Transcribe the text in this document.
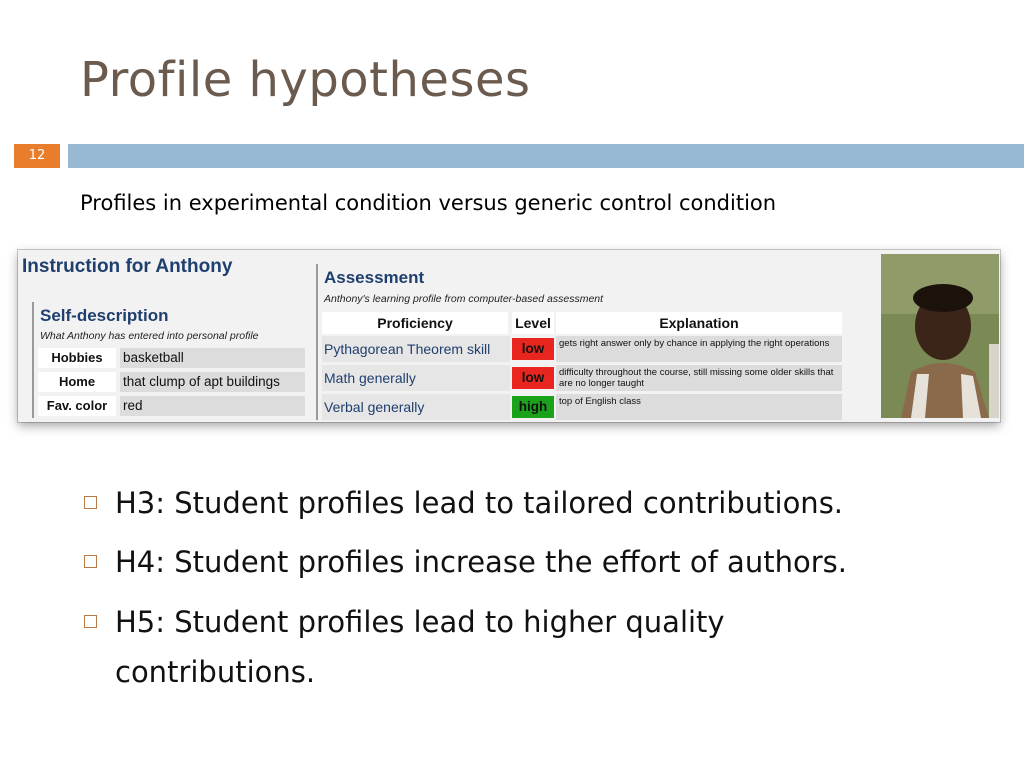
Profile hypotheses
12
Profiles in experimental condition versus generic control condition
Instruction for Anthony
Self-description
What Anthony has entered into personal profile
Hobbies	basketball
Home	that clump of apt buildings
Fav. color	red
Assessment
Anthony's learning profile from computer-based assessment
Proficiency	Level	Explanation
Pythagorean Theorem skill	low	gets right answer only by chance in applying the right operations
Math generally	low	difficulty throughout the course, still missing some older skills that are no longer taught
Verbal generally	high	top of English class
H3: Student profiles lead to tailored contributions.
H4: Student profiles increase the effort of authors.
H5: Student profiles lead to higher quality contributions.
